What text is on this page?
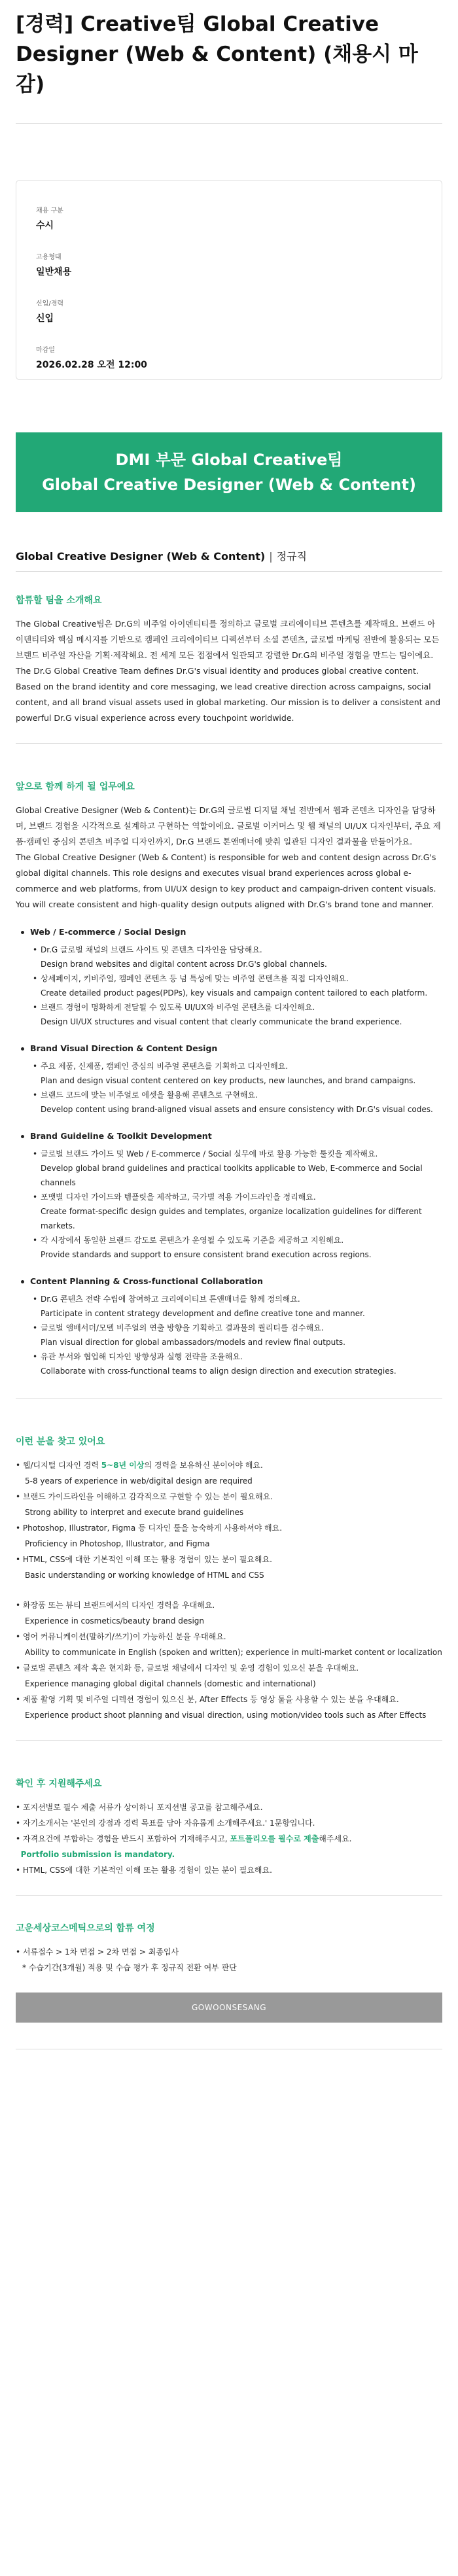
[경력] Creative팀 Global Creative Designer (Web & Content) (채용시 마감)
채용 구분
수시
고용형태
일반채용
신입/경력
신입
마감일
2026.02.28 오전 12:00
DMI 부문 Global Creative팀
Global Creative Designer (Web & Content)
Global Creative Designer (Web & Content) | 정규직
합류할 팀을 소개해요

The Global Creative팀은 Dr.G의 비주얼 아이덴티티를 정의하고 글로벌 크리에이티브 콘텐츠를 제작해요. 브랜드 아이덴티티와 핵심 메시지를 기반으로 캠페인 크리에이티브 디렉션부터 소셜 콘텐츠, 글로벌 마케팅 전반에 활용되는 모든 브랜드 비주얼 자산을 기획·제작해요. 전 세계 모든 접점에서 일관되고 강렬한 Dr.G의 비주얼 경험을 만드는 팀이에요.

The Dr.G Global Creative Team defines Dr.G's visual identity and produces global creative content. Based on the brand identity and core messaging, we lead creative direction across campaigns, social content, and all brand visual assets used in global marketing. Our mission is to deliver a consistent and powerful Dr.G visual experience across every touchpoint worldwide.

앞으로 함께 하게 될 업무에요

Global Creative Designer (Web & Content)는 Dr.G의 글로벌 디지털 채널 전반에서 웹과 콘텐츠 디자인을 담당하며, 브랜드 경험을 시각적으로 설계하고 구현하는 역할이에요. 글로벌 이커머스 및 웹 채널의 UI/UX 디자인부터, 주요 제품·캠페인 중심의 콘텐츠 비주얼 디자인까지, Dr.G 브랜드 톤앤매너에 맞춰 일관된 디자인 결과물을 만들어가요.

The Global Creative Designer (Web & Content) is responsible for web and content design across Dr.G's global digital channels. This role designs and executes visual brand experiences across global e-commerce and web platforms, from UI/UX design to key product and campaign-driven content visuals. You will create consistent and high-quality design outputs aligned with Dr.G's brand tone and manner.

Web / E-commerce / Social Design
• Dr.G 글로벌 채널의 브랜드 사이트 및 콘텐츠 디자인을 담당해요.
Design brand websites and digital content across Dr.G's global channels.
• 상세페이지, 키비주얼, 캠페인 콘텐츠 등 넘 특성에 맞는 비주얼 콘텐츠를 직접 디자인해요.
Create detailed product pages(PDPs), key visuals and campaign content tailored to each platform.
• 브랜드 경험이 명확하게 전달될 수 있도록 UI/UX와 비주얼 콘텐츠를 디자인해요.
Design UI/UX structures and visual content that clearly communicate the brand experience.
Brand Visual Direction & Content Design
• 주요 제품, 신제품, 캠페인 중심의 비주얼 콘텐츠를 기획하고 디자인해요.
Plan and design visual content centered on key products, new launches, and brand campaigns.
• 브랜드 코드에 맞는 비주얼로 에셋을 활용해 콘텐츠로 구현해요.
Develop content using brand-aligned visual assets and ensure consistency with Dr.G's visual codes.
Brand Guideline & Toolkit Development
• 글로벌 브랜드 가이드 및 Web / E-commerce / Social 실무에 바로 활용 가능한 툴킷을 제작해요.
Develop global brand guidelines and practical toolkits applicable to Web, E-commerce and Social channels
• 포맷별 디자인 가이드와 템플릿을 제작하고, 국가별 적용 가이드라인을 정리해요.
Create format-specific design guides and templates, organize localization guidelines for different markets.
• 각 시장에서 동일한 브랜드 감도로 콘텐츠가 운영될 수 있도록 기준을 제공하고 지원해요.
Provide standards and support to ensure consistent brand execution across regions.
Content Planning & Cross-functional Collaboration
• Dr.G 콘텐츠 전략 수립에 참여하고 크리에이티브 톤앤매너를 함께 정의해요.
Participate in content strategy development and define creative tone and manner.
• 글로벌 앰배서더/모델 비주얼의 연출 방향을 기획하고 결과물의 퀄리티를 검수해요.
Plan visual direction for global ambassadors/models and review final outputs.
• 유관 부서와 협업해 디자인 방향성과 실행 전략을 조율해요.
Collaborate with cross-functional teams to align design direction and execution strategies.
이런 분을 찾고 있어요
• 웹/디지털 디자인 경력 5~8년 이상의 경력을 보유하신 분이어야 해요.
5-8 years of experience in web/digital design are required
• 브랜드 가이드라인을 이해하고 감각적으로 구현할 수 있는 분이 필요해요.
Strong ability to interpret and execute brand guidelines
• Photoshop, Illustrator, Figma 등 디자인 툴을 능숙하게 사용하셔야 해요.
Proficiency in Photoshop, Illustrator, and Figma
• HTML, CSS에 대한 기본적인 이해 또는 활용 경험이 있는 분이 필요해요.
Basic understanding or working knowledge of HTML and CSS
• 화장품 또는 뷰티 브랜드에서의 디자인 경력을 우대해요.
Experience in cosmetics/beauty brand design
• 영어 커뮤니케이션(말하기/쓰기)이 가능하신 분을 우대해요.
Ability to communicate in English (spoken and written); experience in multi-market content or localization
• 글로벌 콘텐츠 제작 혹은 현지화 등, 글로벌 채널에서 디자인 및 운영 경험이 있으신 분을 우대해요.
Experience managing global digital channels (domestic and international)
• 제품 촬영 기획 및 비주얼 디렉션 경험이 있으신 분, After Effects 등 영상 툴을 사용할 수 있는 분을 우대해요.
Experience product shoot planning and visual direction, using motion/video tools such as After Effects
확인 후 지원해주세요
• 포지션별로 필수 제출 서류가 상이하니 포지션별 공고를 참고해주세요.
• 자기소개서는 '본인의 강점과 경력 목표를 담아 자유롭게 소개해주세요.' 1문항입니다.
• 자격요건에 부합하는 경험을 반드시 포함하여 기재해주시고, 포트폴리오를 필수로 제출해주세요.
Portfolio submission is mandatory.
• HTML, CSS에 대한 기본적인 이해 또는 활용 경험이 있는 분이 필요해요.
고운세상코스메틱으로의 합류 여정
• 서류접수 > 1차 면접 > 2차 면접 > 최종입사
* 수습기간(3개월) 적용 및 수습 평가 후 정규직 전환 여부 판단
GOWOONSESANG
